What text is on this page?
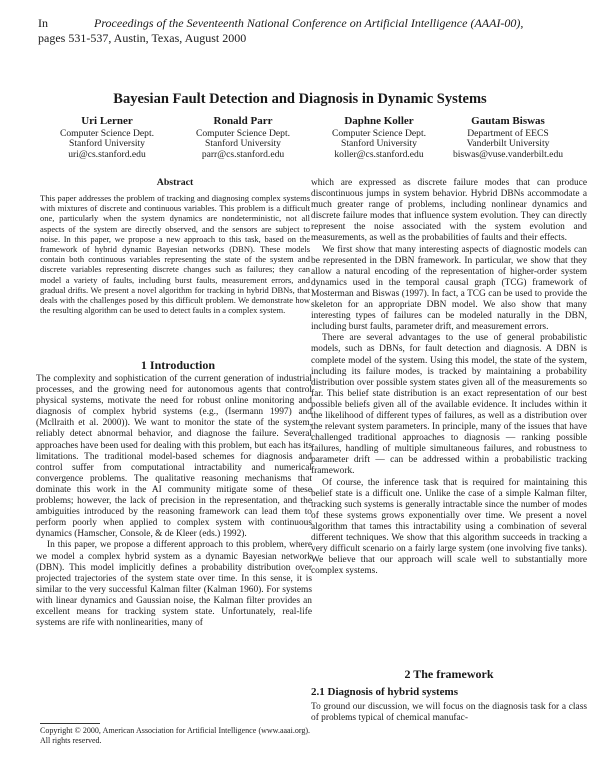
In	Proceedings of the Seventeenth National Conference on Artificial Intelligence (AAAI-00),
pages 531-537, Austin, Texas, August 2000
Bayesian Fault Detection and Diagnosis in Dynamic Systems
Uri Lerner
Computer Science Dept.
Stanford University
uri@cs.stanford.edu
Ronald Parr
Computer Science Dept.
Stanford University
parr@cs.stanford.edu
Daphne Koller
Computer Science Dept.
Stanford University
koller@cs.stanford.edu
Gautam Biswas
Department of EECS
Vanderbilt University
biswas@vuse.vanderbilt.edu
Abstract

This paper addresses the problem of tracking and diagnosing complex systems with mixtures of discrete and continuous variables. This problem is a difficult one, particularly when the system dynamics are nondeterministic, not all aspects of the system are directly observed, and the sensors are subject to noise. In this paper, we propose a new approach to this task, based on the framework of hybrid dynamic Bayesian networks (DBN). These models contain both continuous variables representing the state of the system and discrete variables representing discrete changes such as failures; they can model a variety of faults, including burst faults, measurement errors, and gradual drifts. We present a novel algorithm for tracking in hybrid DBNs, that deals with the challenges posed by this difficult problem. We demonstrate how the resulting algorithm can be used to detect faults in a complex system.

1 Introduction

The complexity and sophistication of the current generation of industrial processes, and the growing need for autonomous agents that control physical systems, motivate the need for robust online monitoring and diagnosis of complex hybrid systems (e.g., (Isermann 1997) and (Mcllraith et al. 2000)). We want to monitor the state of the system, reliably detect abnormal behavior, and diagnose the failure. Several approaches have been used for dealing with this problem, but each has its limitations. The traditional model-based schemes for diagnosis and control suffer from computational intractability and numerical convergence problems. The qualitative reasoning mechanisms that dominate this work in the AI community mitigate some of these problems; however, the lack of precision in the representation, and the ambiguities introduced by the reasoning framework can lead them to perform poorly when applied to complex system with continuous dynamics (Hamscher, Console, & de Kleer (eds.) 1992).

In this paper, we propose a different approach to this problem, where we model a complex hybrid system as a dynamic Bayesian network (DBN). This model implicitly defines a probability distribution over projected trajectories of the system state over time. In this sense, it is similar to the very successful Kalman filter (Kalman 1960). For systems with linear dynamics and Gaussian noise, the Kalman filter provides an excellent means for tracking system state. Unfortunately, real-life systems are rife with nonlinearities, many of

Copyright © 2000, American Association for Artificial Intelligence (www.aaai.org). All rights reserved.

which are expressed as discrete failure modes that can produce discontinuous jumps in system behavior. Hybrid DBNs accommodate a much greater range of problems, including nonlinear dynamics and discrete failure modes that influence system evolution. They can directly represent the noise associated with the system evolution and measurements, as well as the probabilities of faults and their effects.

We first show that many interesting aspects of diagnostic models can be represented in the DBN framework. In particular, we show that they allow a natural encoding of the representation of higher-order system dynamics used in the temporal causal graph (TCG) framework of Mosterman and Biswas (1997). In fact, a TCG can be used to provide the skeleton for an appropriate DBN model. We also show that many interesting types of failures can be modeled naturally in the DBN, including burst faults, parameter drift, and measurement errors.

There are several advantages to the use of general probabilistic models, such as DBNs, for fault detection and diagnosis. A DBN is complete model of the system. Using this model, the state of the system, including its failure modes, is tracked by maintaining a probability distribution over possible system states given all of the measurements so far. This belief state distribution is an exact representation of our best possible beliefs given all of the available evidence. It includes within it the likelihood of different types of failures, as well as a distribution over the relevant system parameters. In principle, many of the issues that have challenged traditional approaches to diagnosis — ranking possible failures, handling of multiple simultaneous failures, and robustness to parameter drift — can be addressed within a probabilistic tracking framework.

Of course, the inference task that is required for maintaining this belief state is a difficult one. Unlike the case of a simple Kalman filter, tracking such systems is generally intractable since the number of modes of these systems grows exponentially over time. We present a novel algorithm that tames this intractability using a combination of several different techniques. We show that this algorithm succeeds in tracking a very difficult scenario on a fairly large system (one involving five tanks). We believe that our approach will scale well to substantially more complex systems.

2 The framework
2.1 Diagnosis of hybrid systems

To ground our discussion, we will focus on the diagnosis task for a class of problems typical of chemical manufac-
